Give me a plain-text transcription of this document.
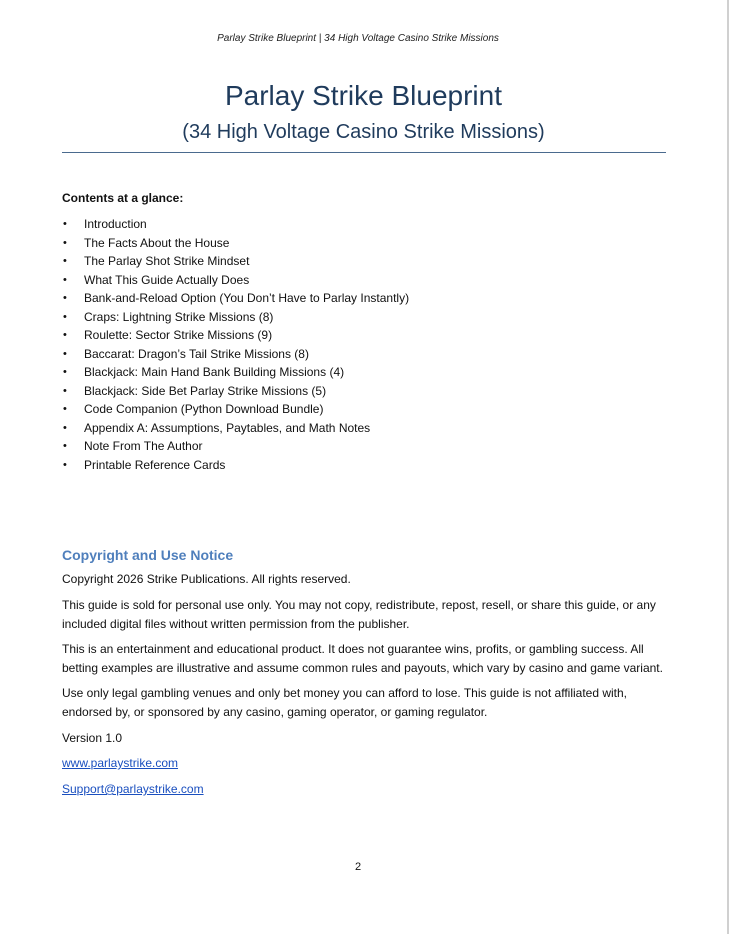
Parlay Strike Blueprint | 34 High Voltage Casino Strike Missions
Parlay Strike Blueprint
(34 High Voltage Casino Strike Missions)
Contents at a glance:
• Introduction
• The Facts About the House
• The Parlay Shot Strike Mindset
• What This Guide Actually Does
• Bank-and-Reload Option (You Don’t Have to Parlay Instantly)
• Craps: Lightning Strike Missions (8)
• Roulette: Sector Strike Missions (9)
• Baccarat: Dragon’s Tail Strike Missions (8)
• Blackjack: Main Hand Bank Building Missions (4)
• Blackjack: Side Bet Parlay Strike Missions (5)
• Code Companion (Python Download Bundle)
• Appendix A: Assumptions, Paytables, and Math Notes
• Note From The Author
• Printable Reference Cards
Copyright and Use Notice
Copyright 2026 Strike Publications. All rights reserved.
This guide is sold for personal use only. You may not copy, redistribute, repost, resell, or share this guide, or any included digital files without written permission from the publisher.
This is an entertainment and educational product. It does not guarantee wins, profits, or gambling success. All betting examples are illustrative and assume common rules and payouts, which vary by casino and game variant.
Use only legal gambling venues and only bet money you can afford to lose. This guide is not affiliated with, endorsed by, or sponsored by any casino, gaming operator, or gaming regulator.
Version 1.0
www.parlaystrike.com
Support@parlaystrike.com
2
